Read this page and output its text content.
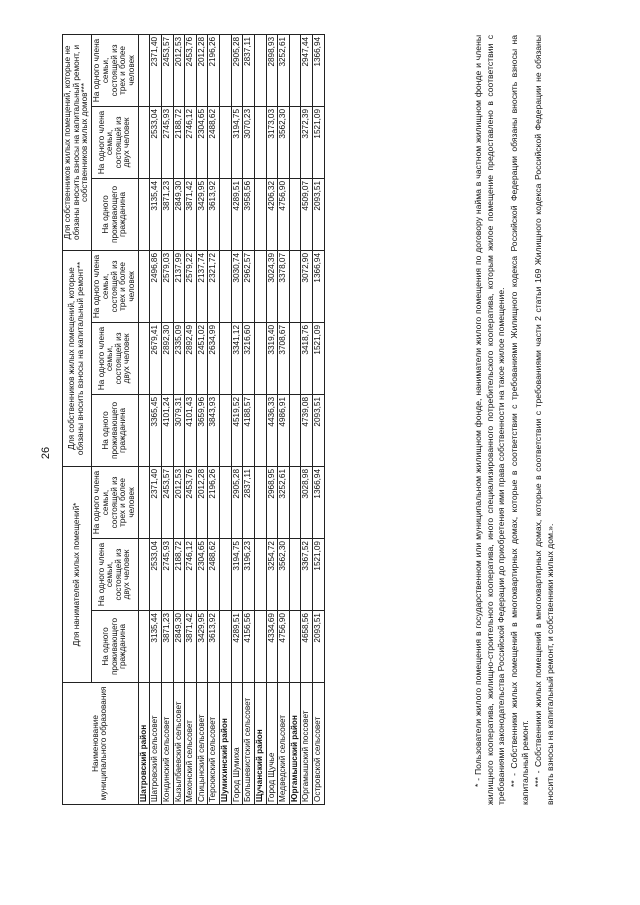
26
Наименование муниципального образования	Для нанимателей жилых помещений*			Для собственников жилых помещений, которые обязаны вносить взносы на капитальный ремонт**			Для собственников жилых помещений, которые не обязаны вносить взносы на капитальный ремонт, и собственников жилых домов***		
	На одного проживающего гражданина	На одного члена семьи, состоящей из двух человек	На одного члена семьи, состоящей из трех и более человек	На одного проживающего гражданина	На одного члена семьи, состоящей из двух человек	На одного члена семьи, состоящей из трех и более человек	На одного проживающего гражданина	На одного члена семьи, состоящей из двух человек	На одного члена семьи, состоящей из трех и более человек
Шатровский район									
Шатровский сельсовет	3135,44	2533,04	2371,40	3365,45	2679,41	2496,86	3135,44	2533,04	2371,40
Кондинский сельсовет	3871,23	2745,93	2453,57	4101,24	2892,30	2579,03	3871,23	2745,93	2453,57
Кызылбаевский сельсовет	2849,30	2188,72	2012,53	3079,31	2335,09	2137,99	2849,30	2188,72	2012,53
Мехонский сельсовет	3871,42	2746,12	2453,76	4101,43	2892,49	2579,22	3871,42	2746,12	2453,76
Спицынский сельсовет	3429,95	2304,65	2012,28	3659,96	2451,02	2137,74	3429,95	2304,65	2012,28
Терсюкский сельсовет	3613,92	2488,62	2196,26	3843,93	2634,99	2321,72	3613,92	2488,62	2196,26
Шумихинский район									
Город Шумиха	4289,51	3194,75	2905,28	4519,52	3341,12	3030,74	4289,51	3194,75	2905,28
Большевистский сельсовет	4156,56	3196,23	2837,11	4188,57	3216,60	2962,57	3958,56	3070,23	2837,11
Щучанский район									
Город Щучье	4334,69	3254,72	2968,95	4436,33	3319,40	3024,39	4206,32	3173,03	2898,93
Медведский сельсовет	4756,90	3562,30	3252,61	4986,91	3708,67	3378,07	4756,90	3562,30	3252,61
Юргамышский район									
Юргамышский поссовет	4658,56	3367,52	3028,98	4739,08	3418,76	3072,90	4509,07	3272,39	2947,44
Островской сельсовет	2093,51	1521,09	1366,94	2093,51	1521,09	1366,94	2093,51	1521,09	1366,94	* - Пользователи жилого помещения в государственном или муниципальном жилищном фонде, наниматели жилого помещения по договору найма в частном жилищном фонде и члены жилищного кооператива, жилищно-строительного кооператива, иного специализированного потребительского кооператива, которым жилое помещение предоставлено в соответствии с требованиями законодательства Российской Федерации до приобретения ими права собственности на такое жилое помещение. ** - Собственники жилых помещений в многоквартирных домах, которые в соответствии с требованиями Жилищного кодекса Российской Федерации обязаны вносить взносы на капитальный ремонт. *** - Собственники жилых помещений в многоквартирных домах, которые в соответствии с требованиями части 2 статьи 169 Жилищного кодекса Российской Федерации не обязаны вносить взносы на капитальный ремонт, и собственники жилых дом.».
